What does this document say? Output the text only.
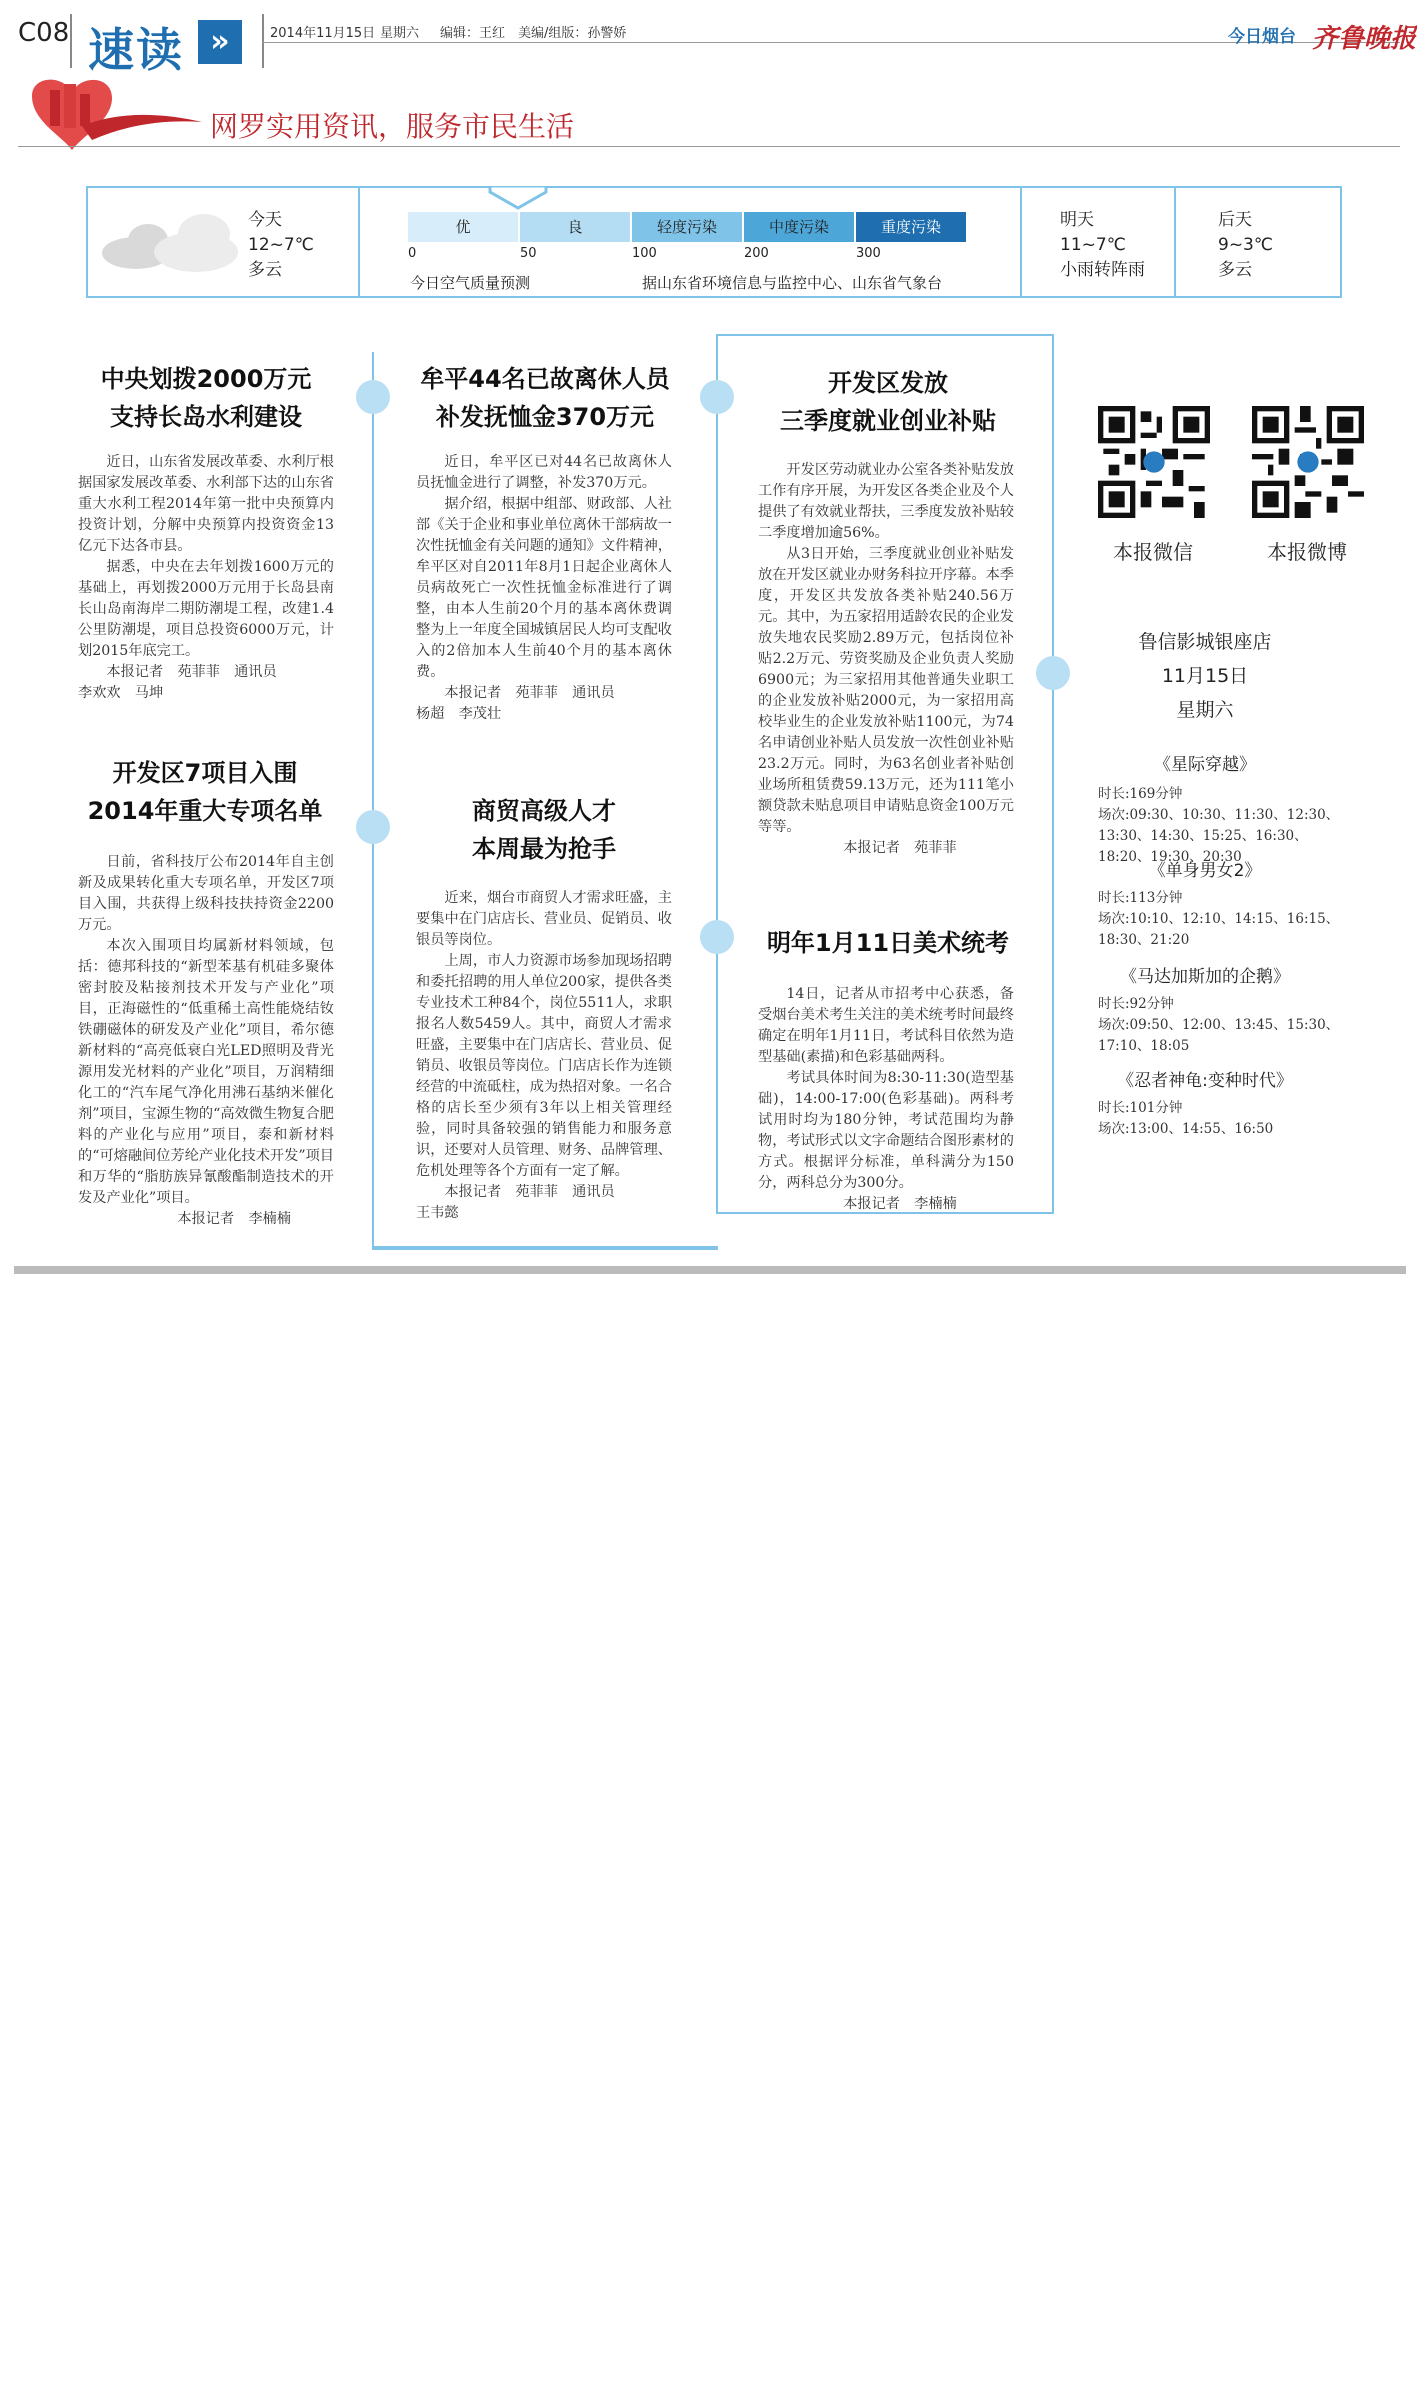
C08 速读 »	2014年11月15日 星期六 编辑：王红 美编/组版：孙警娇	今日烟台 齐鲁晚报
网罗实用资讯，服务市民生活
今天
12~7℃
多云
优	良	轻度污染	中度污染	重度污染
0	50	100	200	300
今日空气质量预测	据山东省环境信息与监控中心、山东省气象台
明天
11~7℃
小雨转阵雨
后天
9~3℃
多云
中央划拨2000万元
支持长岛水利建设

近日，山东省发展改革委、水利厅根据国家发展改革委、水利部下达的山东省重大水利工程2014年第一批中央预算内投资计划，分解中央预算内投资资金13亿元下达各市县。

据悉，中央在去年划拨1600万元的基础上，再划拨2000万元用于长岛县南长山岛南海岸二期防潮堤工程，改建1.4公里防潮堤，项目总投资6000万元，计划2015年底完工。

本报记者　苑菲菲　通讯员
李欢欢　马坤
开发区7项目入围
2014年重大专项名单

日前，省科技厅公布2014年自主创新及成果转化重大专项名单，开发区7项目入围，共获得上级科技扶持资金2200万元。

本次入围项目均属新材料领域，包括：德邦科技的“新型苯基有机硅多聚体密封胶及粘接剂技术开发与产业化”项目，正海磁性的“低重稀土高性能烧结钕铁硼磁体的研发及产业化”项目，希尔德新材料的“高亮低衰白光LED照明及背光源用发光材料的产业化”项目，万润精细化工的“汽车尾气净化用沸石基纳米催化剂”项目，宝源生物的“高效微生物复合肥料的产业化与应用”项目，泰和新材料的“可熔融间位芳纶产业化技术开发”项目和万华的“脂肪族异氰酸酯制造技术的开发及产业化”项目。

本报记者　李楠楠
牟平44名已故离休人员
补发抚恤金370万元

近日，牟平区已对44名已故离休人员抚恤金进行了调整，补发370万元。

据介绍，根据中组部、财政部、人社部《关于企业和事业单位离休干部病故一次性抚恤金有关问题的通知》文件精神，牟平区对自2011年8月1日起企业离休人员病故死亡一次性抚恤金标准进行了调整，由本人生前20个月的基本离休费调整为上一年度全国城镇居民人均可支配收入的2倍加本人生前40个月的基本离休费。

本报记者　苑菲菲　通讯员
杨超　李茂壮
商贸高级人才
本周最为抢手

近来，烟台市商贸人才需求旺盛，主要集中在门店店长、营业员、促销员、收银员等岗位。

上周，市人力资源市场参加现场招聘和委托招聘的用人单位200家，提供各类专业技术工种84个，岗位5511人，求职报名人数5459人。其中，商贸人才需求旺盛，主要集中在门店店长、营业员、促销员、收银员等岗位。门店店长作为连锁经营的中流砥柱，成为热招对象。一名合格的店长至少须有3年以上相关管理经验，同时具备较强的销售能力和服务意识，还要对人员管理、财务、品牌管理、危机处理等各个方面有一定了解。

本报记者　苑菲菲　通讯员
王韦懿
开发区发放
三季度就业创业补贴

开发区劳动就业办公室各类补贴发放工作有序开展，为开发区各类企业及个人提供了有效就业帮扶，三季度发放补贴较二季度增加逾56%。

从3日开始，三季度就业创业补贴发放在开发区就业办财务科拉开序幕。本季度，开发区共发放各类补贴240.56万元。其中，为五家招用适龄农民的企业发放失地农民奖励2.89万元，包括岗位补贴2.2万元、劳资奖励及企业负责人奖励6900元；为三家招用其他普通失业职工的企业发放补贴2000元，为一家招用高校毕业生的企业发放补贴1100元，为74名申请创业补贴人员发放一次性创业补贴23.2万元。同时，为63名创业者补贴创业场所租赁费59.13万元，还为111笔小额贷款未贴息项目申请贴息资金100万元等等。

本报记者　苑菲菲
明年1月11日美术统考

14日，记者从市招考中心获悉，备受烟台美术考生关注的美术统考时间最终确定在明年1月11日，考试科目依然为造型基础(素描)和色彩基础两科。

考试具体时间为8:30-11:30(造型基础)，14:00-17:00(色彩基础)。两科考试用时均为180分钟，考试范围均为静物，考试形式以文字命题结合图形素材的方式。根据评分标准，单科满分为150分，两科总分为300分。

本报记者　李楠楠
本报微信	本报微博
鲁信影城银座店
11月15日
星期六
《星际穿越》
时长:169分钟
场次:09:30、10:30、11:30、12:30、13:30、14:30、15:25、16:30、18:20、19:30、20:30
《单身男女2》
时长:113分钟
场次:10:10、12:10、14:15、16:15、18:30、21:20
《马达加斯加的企鹅》
时长:92分钟
场次:09:50、12:00、13:45、15:30、17:10、18:05
《忍者神龟:变种时代》
时长:101分钟
场次:13:00、14:55、16:50
